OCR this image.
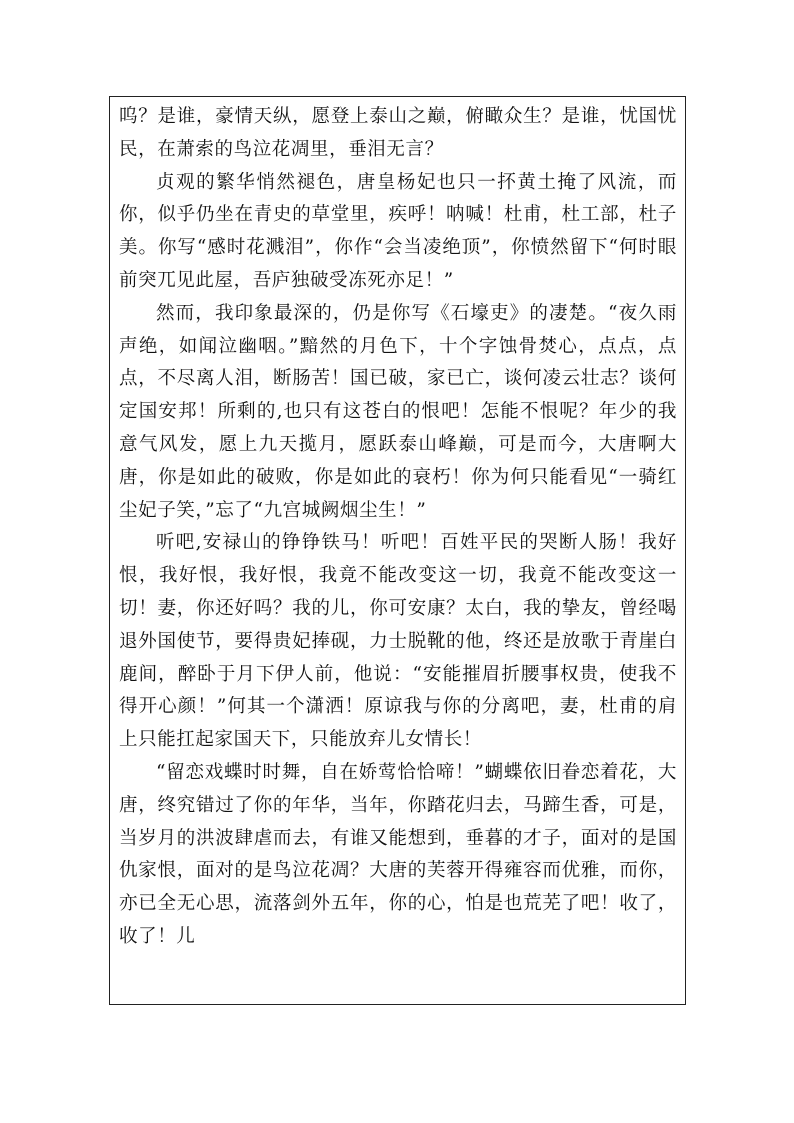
呜？是谁，豪情天纵，愿登上泰山之巅，俯瞰众生？是谁，忧国忧民，在萧索的鸟泣花凋里，垂泪无言？

贞观的繁华悄然褪色，唐皇杨妃也只一抔黄土掩了风流，而你，似乎仍坐在青史的草堂里，疾呼！呐喊！杜甫，杜工部，杜子美。你写“感时花溅泪”，你作“会当凌绝顶”，你愤然留下“何时眼前突兀见此屋，吾庐独破受冻死亦足！”

然而，我印象最深的，仍是你写《石壕吏》的凄楚。“夜久雨声绝，如闻泣幽咽。”黯然的月色下，十个字蚀骨焚心，点点，点点，不尽离人泪，断肠苦！国已破，家已亡，谈何凌云壮志？谈何定国安邦！所剩的,也只有这苍白的恨吧！怎能不恨呢？年少的我意气风发，愿上九天揽月，愿跃泰山峰巅，可是而今，大唐啊大唐，你是如此的破败，你是如此的衰朽！你为何只能看见“一骑红尘妃子笑，”忘了“九宫城阙烟尘生！”

听吧,安禄山的铮铮铁马！听吧！百姓平民的哭断人肠！我好恨，我好恨，我好恨，我竟不能改变这一切，我竟不能改变这一切！妻，你还好吗？我的儿，你可安康？太白，我的挚友，曾经喝退外国使节，要得贵妃捧砚，力士脱靴的他，终还是放歌于青崖白鹿间，醉卧于月下伊人前，他说：“安能摧眉折腰事权贵，使我不得开心颜！”何其一个潇洒！原谅我与你的分离吧，妻，杜甫的肩上只能扛起家国天下，只能放弃儿女情长！

“留恋戏蝶时时舞，自在娇莺恰恰啼！”蝴蝶依旧眷恋着花，大唐，终究错过了你的年华，当年，你踏花归去，马蹄生香，可是，当岁月的洪波肆虐而去，有谁又能想到，垂暮的才子，面对的是国仇家恨，面对的是鸟泣花凋？大唐的芙蓉开得雍容而优雅，而你，亦已全无心思，流落剑外五年，你的心，怕是也荒芜了吧！收了，收了！儿
